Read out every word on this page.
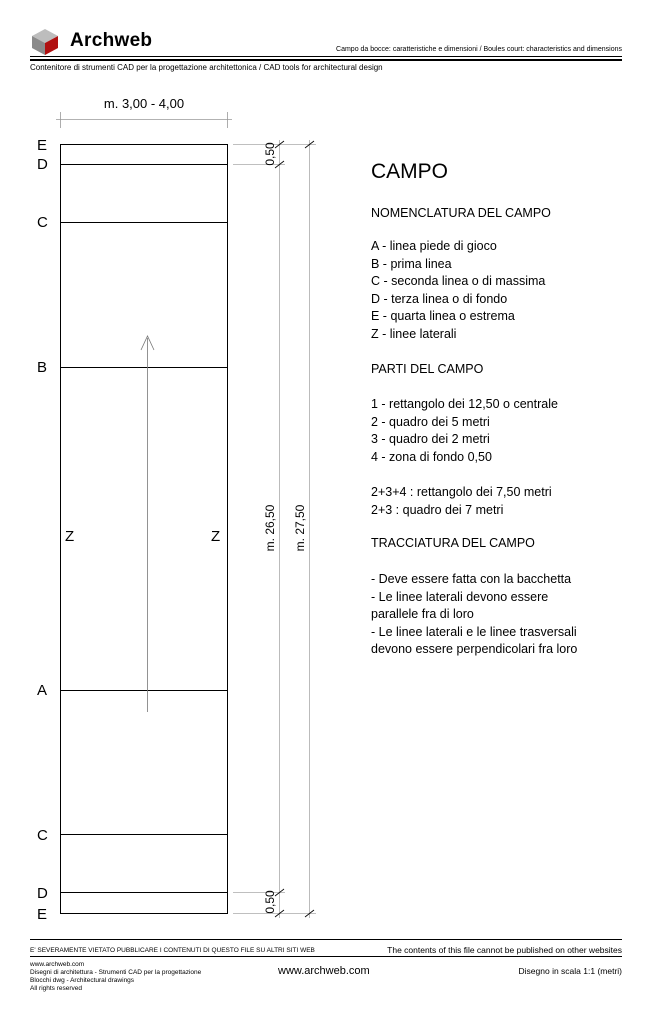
Archweb	Campo da bocce: caratteristiche e dimensioni / Boules court: characteristics and dimensions
Contenitore di strumenti CAD per la progettazione architettonica / CAD tools for architectural design
m. 3,00 - 4,00
0,50
0,50
m. 26,50 m. 27,50
E
D
C
B
A
C
D
E
Z	Z
CAMPO
NOMENCLATURA DEL CAMPO
A - linea piede di gioco
B - prima linea
C - seconda linea o di massima
D - terza linea o di fondo
E - quarta linea o estrema
Z - linee laterali
PARTI DEL CAMPO
1 - rettangolo dei 12,50 o centrale
2 - quadro dei 5 metri
3 - quadro dei 2 metri
4 - zona di fondo 0,50
2+3+4 : rettangolo dei 7,50 metri
2+3 : quadro dei 7 metri
TRACCIATURA DEL CAMPO
- Deve essere fatta con la bacchetta
- Le linee laterali devono essere
parallele fra di loro
- Le linee laterali e le linee trasversali
devono essere perpendicolari fra loro
E' SEVERAMENTE VIETATO PUBBLICARE I CONTENUTI DI QUESTO FILE SU ALTRI SITI WEB	The contents of this file cannot be published on other websites
www.archweb.com
Disegni di architettura - Strumenti CAD per la progettazione
Blocchi dwg - Architectural drawings
All rights reserved
www.archweb.com	Disegno in scala 1:1 (metri)
